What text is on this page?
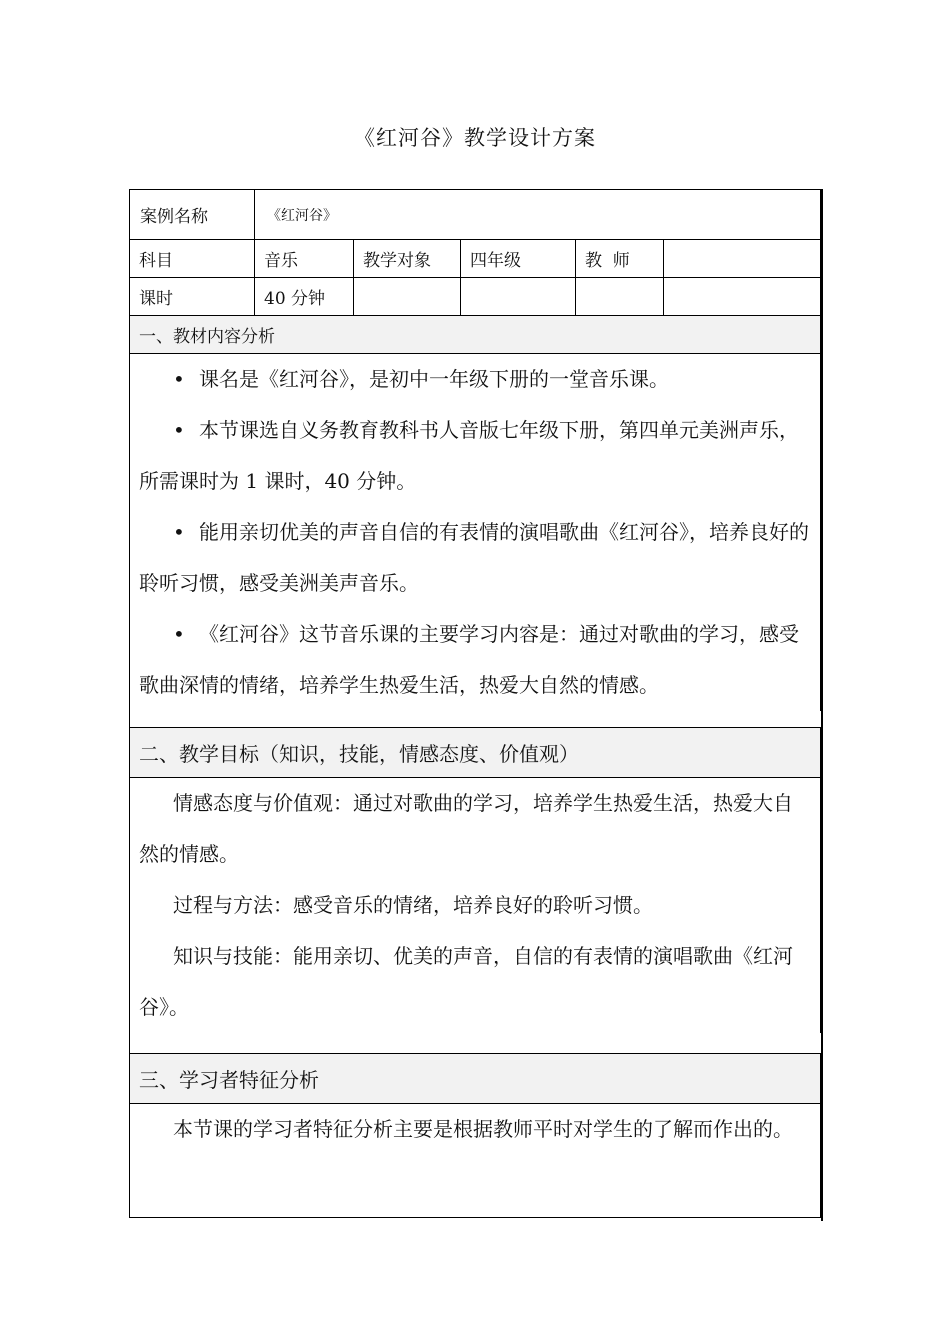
《红河谷》教学设计方案
案例名称	《红河谷》
科目	音乐	教学对象	四年级	教  师
课时	40 分钟
一、教材内容分析

• 课名是《红河谷》，是初中一年级下册的一堂音乐课。

• 本节课选自义务教育教科书人音版七年级下册，第四单元美洲声乐，所需课时为 1 课时，40 分钟。

• 能用亲切优美的声音自信的有表情的演唱歌曲《红河谷》，培养良好的聆听习惯，感受美洲美声音乐。

• 《红河谷》这节音乐课的主要学习内容是：通过对歌曲的学习，感受歌曲深情的情绪，培养学生热爱生活，热爱大自然的情感。

二、教学目标（知识，技能，情感态度、价值观）

情感态度与价值观：通过对歌曲的学习，培养学生热爱生活，热爱大自然的情感。

过程与方法：感受音乐的情绪，培养良好的聆听习惯。

知识与技能：能用亲切、优美的声音，自信的有表情的演唱歌曲《红河谷》。

三、学习者特征分析

本节课的学习者特征分析主要是根据教师平时对学生的了解而作出的。
